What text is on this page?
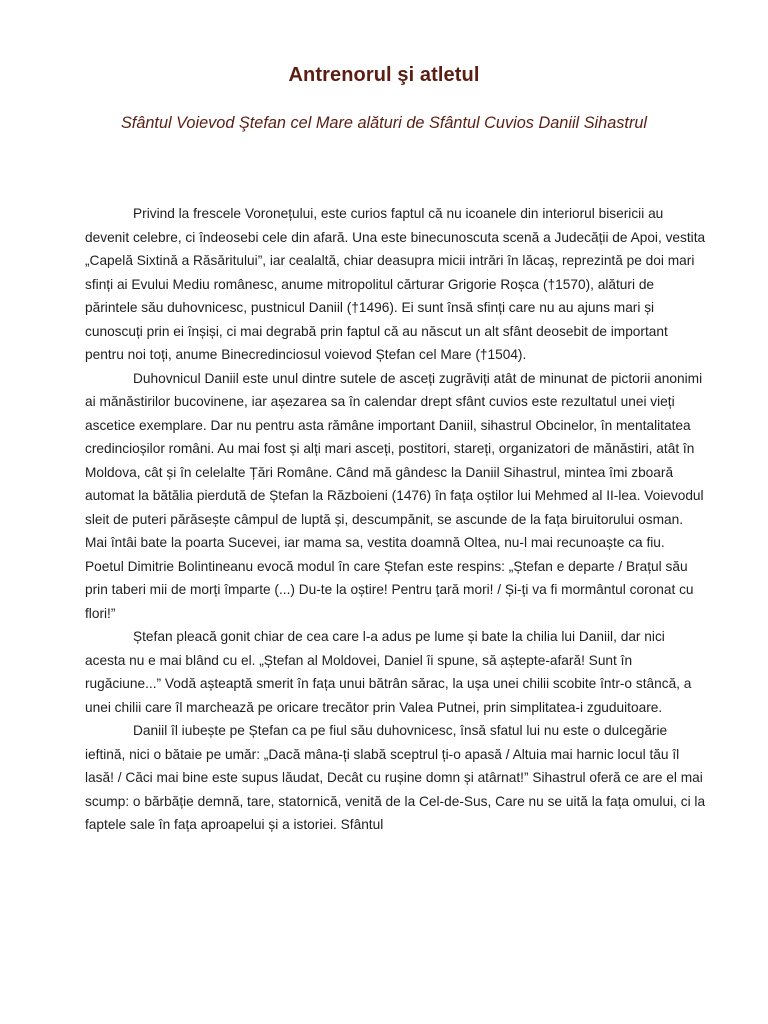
Antrenorul şi atletul
Sfântul Voievod Ştefan cel Mare alături de Sfântul Cuvios Daniil Sihastrul

Privind la frescele Voronețului, este curios faptul că nu icoanele din interiorul bisericii au devenit celebre, ci îndeosebi cele din afară. Una este binecunoscuta scenă a Judecății de Apoi, vestita „Capelă Sixtină a Răsăritului”, iar cealaltă, chiar deasupra micii intrări în lăcaș, reprezintă pe doi mari sfinți ai Evului Mediu românesc, anume mitropolitul cărturar Grigorie Roșca (†1570), alături de părintele său duhovnicesc, pustnicul Daniil (†1496). Ei sunt însă sfinți care nu au ajuns mari și cunoscuți prin ei înșiși, ci mai degrabă prin faptul că au născut un alt sfânt deosebit de important pentru noi toți, anume Binecredinciosul voievod Ștefan cel Mare (†1504).

Duhovnicul Daniil este unul dintre sutele de asceți zugrăviți atât de minunat de pictorii anonimi ai mănăstirilor bucovinene, iar așezarea sa în calendar drept sfânt cuvios este rezultatul unei vieți ascetice exemplare. Dar nu pentru asta rămâne important Daniil, sihastrul Obcinelor, în mentalitatea credincioșilor români. Au mai fost și alți mari asceți, postitori, stareți, organizatori de mănăstiri, atât în Moldova, cât și în celelalte Țări Române. Când mă gândesc la Daniil Sihastrul, mintea îmi zboară automat la bătălia pierdută de Ștefan la Războieni (1476) în fața oștilor lui Mehmed al II-lea. Voievodul sleit de puteri părăsește câmpul de luptă și, descumpănit, se ascunde de la fața biruitorului osman. Mai întâi bate la poarta Sucevei, iar mama sa, vestita doamnă Oltea, nu-l mai recunoaște ca fiu. Poetul Dimitrie Bolintineanu evocă modul în care Ștefan este respins: „Ștefan e departe / Brațul său prin taberi mii de morți împarte (...) Du-te la oștire! Pentru țară mori! / Și-ți va fi mormântul coronat cu flori!”

Ștefan pleacă gonit chiar de cea care l-a adus pe lume și bate la chilia lui Daniil, dar nici acesta nu e mai blând cu el. „Ștefan al Moldovei, Daniel îi spune, să aștepte-afară! Sunt în rugăciune...” Vodă așteaptă smerit în fața unui bătrân sărac, la ușa unei chilii scobite într-o stâncă, a unei chilii care îl marchează pe oricare trecător prin Valea Putnei, prin simplitatea-i zguduitoare.

Daniil îl iubește pe Ștefan ca pe fiul său duhovnicesc, însă sfatul lui nu este o dulcegărie ieftină, nici o bătaie pe umăr: „Dacă mâna-ți slabă sceptrul ți-o apasă / Altuia mai harnic locul tău îl lasă! / Căci mai bine este supus lăudat, Decât cu rușine domn și atârnat!” Sihastrul oferă ce are el mai scump: o bărbăție demnă, tare, statornică, venită de la Cel-de-Sus, Care nu se uită la fața omului, ci la faptele sale în fața aproapelui și a istoriei. Sfântul
